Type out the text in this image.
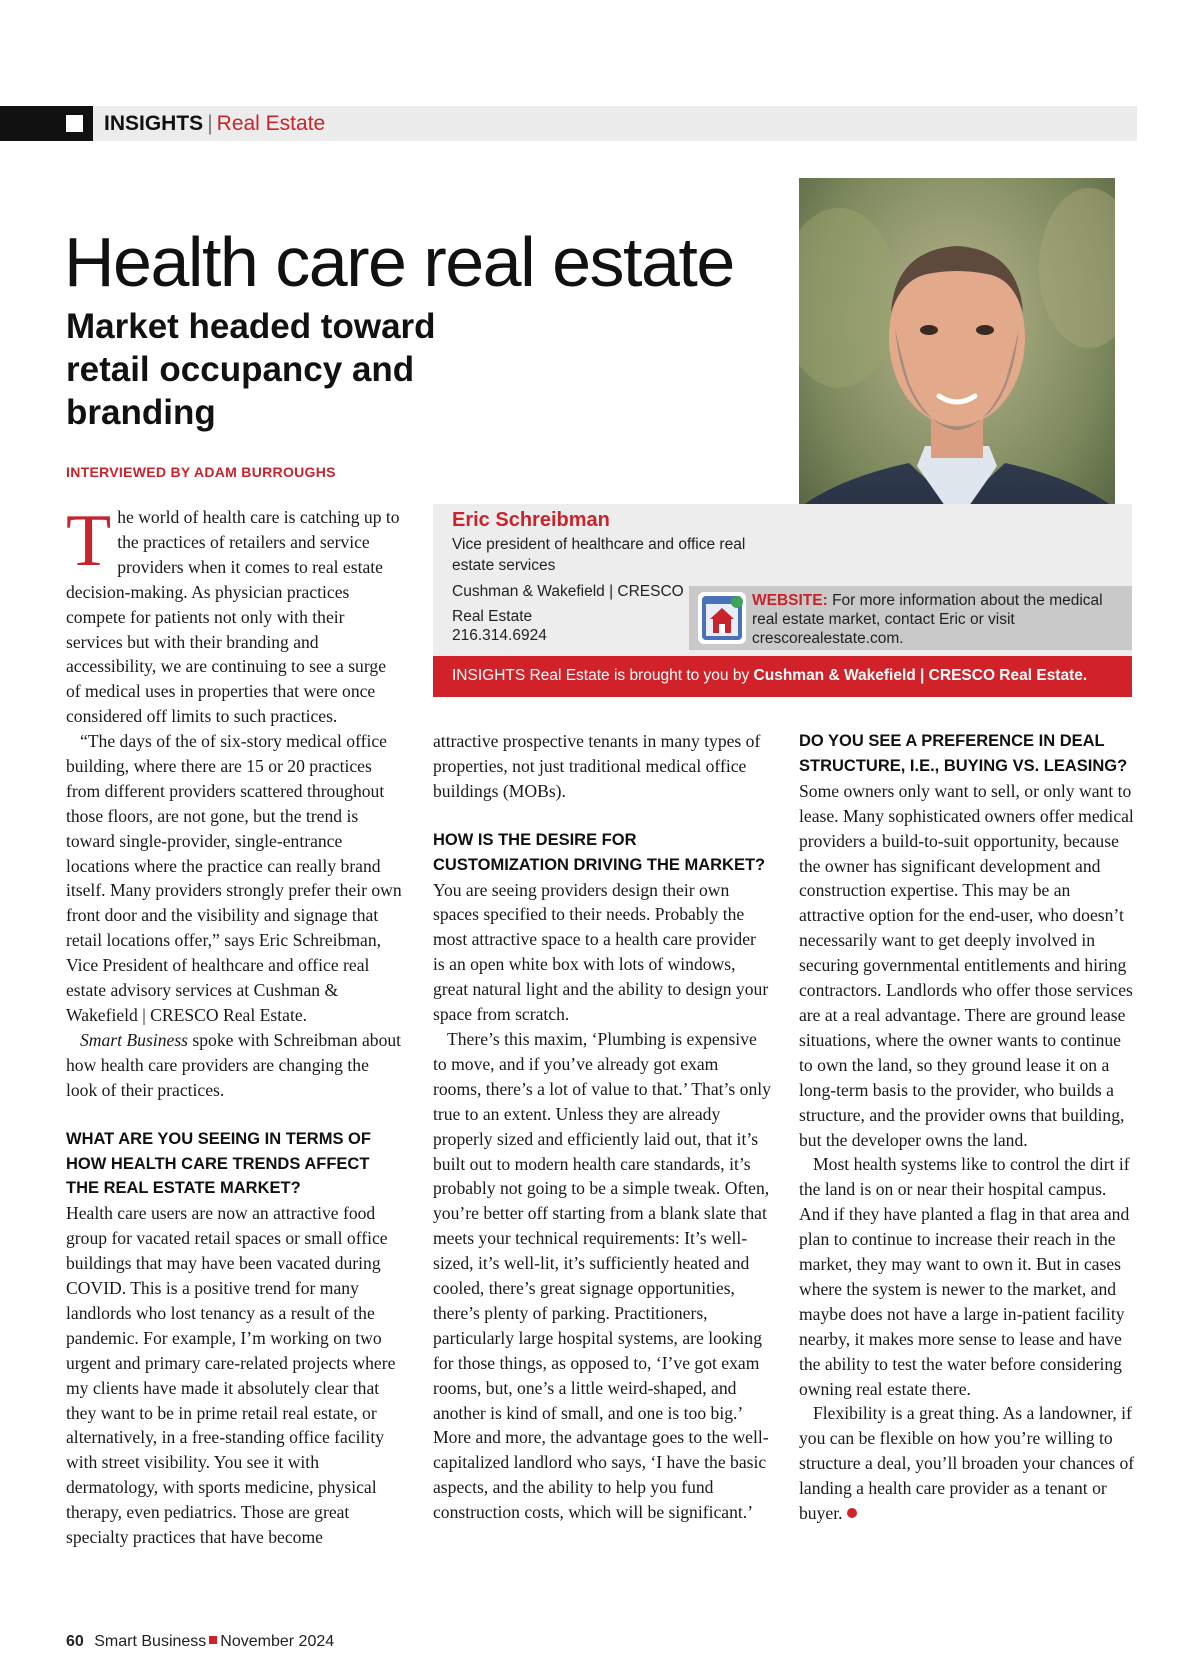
INSIGHTS | Real Estate
Health care real estate
Market headed toward retail occupancy and branding
INTERVIEWED BY ADAM BURROUGHS
Eric Schreibman
Vice president of healthcare and office real estate services
Cushman & Wakefield | CRESCO Real Estate
216.314.6924
WEBSITE: For more information about the medical real estate market, contact Eric or visit crescorealestate.com.
INSIGHTS Real Estate is brought to you by Cushman & Wakefield | CRESCO Real Estate.

The world of health care is catching up to the practices of retailers and service providers when it comes to real estate decision-making. As physician practices compete for patients not only with their services but with their branding and accessibility, we are continuing to see a surge of medical uses in properties that were once considered off limits to such practices.

“The days of the of six-story medical office building, where there are 15 or 20 practices from different providers scattered throughout those floors, are not gone, but the trend is toward single-provider, single-entrance locations where the practice can really brand itself. Many providers strongly prefer their own front door and the visibility and signage that retail locations offer,” says Eric Schreibman, Vice President of healthcare and office real estate advisory services at Cushman & Wakefield | CRESCO Real Estate.

Smart Business spoke with Schreibman about how health care providers are changing the look of their practices.

WHAT ARE YOU SEEING IN TERMS OF HOW HEALTH CARE TRENDS AFFECT THE REAL ESTATE MARKET?

Health care users are now an attractive food group for vacated retail spaces or small office buildings that may have been vacated during COVID. This is a positive trend for many landlords who lost tenancy as a result of the pandemic. For example, I’m working on two urgent and primary care-related projects where my clients have made it absolutely clear that they want to be in prime retail real estate, or alternatively, in a free-standing office facility with street visibility. You see it with dermatology, with sports medicine, physical therapy, even pediatrics. Those are great specialty practices that have become

attractive prospective tenants in many types of properties, not just traditional medical office buildings (MOBs).

HOW IS THE DESIRE FOR CUSTOMIZATION DRIVING THE MARKET?

You are seeing providers design their own spaces specified to their needs. Probably the most attractive space to a health care provider is an open white box with lots of windows, great natural light and the ability to design your space from scratch.

There’s this maxim, ‘Plumbing is expensive to move, and if you’ve already got exam rooms, there’s a lot of value to that.’ That’s only true to an extent. Unless they are already properly sized and efficiently laid out, that it’s built out to modern health care standards, it’s probably not going to be a simple tweak. Often, you’re better off starting from a blank slate that meets your technical requirements: It’s well-sized, it’s well-lit, it’s sufficiently heated and cooled, there’s great signage opportunities, there’s plenty of parking. Practitioners, particularly large hospital systems, are looking for those things, as opposed to, ‘I’ve got exam rooms, but, one’s a little weird-shaped, and another is kind of small, and one is too big.’ More and more, the advantage goes to the well-capitalized landlord who says, ‘I have the basic aspects, and the ability to help you fund construction costs, which will be significant.’

DO YOU SEE A PREFERENCE IN DEAL STRUCTURE, I.E., BUYING VS. LEASING?

Some owners only want to sell, or only want to lease. Many sophisticated owners offer medical providers a build-to-suit opportunity, because the owner has significant development and construction expertise. This may be an attractive option for the end-user, who doesn’t necessarily want to get deeply involved in securing governmental entitlements and hiring contractors. Landlords who offer those services are at a real advantage. There are ground lease situations, where the owner wants to continue to own the land, so they ground lease it on a long-term basis to the provider, who builds a structure, and the provider owns that building, but the developer owns the land.

Most health systems like to control the dirt if the land is on or near their hospital campus. And if they have planted a flag in that area and plan to continue to increase their reach in the market, they may want to own it. But in cases where the system is newer to the market, and maybe does not have a large in-patient facility nearby, it makes more sense to lease and have the ability to test the water before considering owning real estate there.

Flexibility is a great thing. As a landowner, if you can be flexible on how you’re willing to structure a deal, you’ll broaden your chances of landing a health care provider as a tenant or buyer.

60 Smart Business November 2024
